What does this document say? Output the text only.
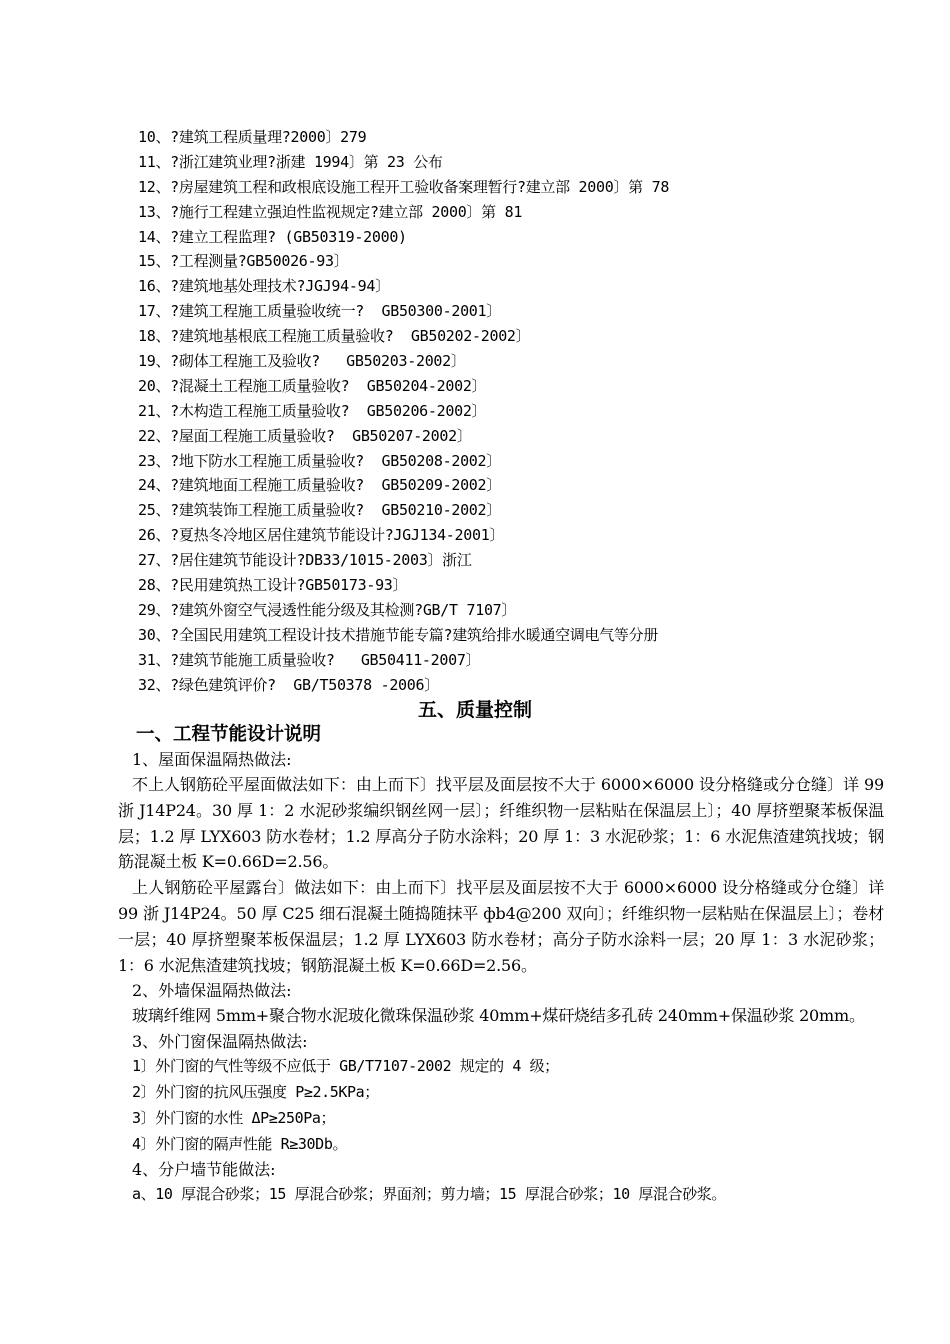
10、?建筑工程质量理?2000〕279
11、?浙江建筑业理?浙建 1994〕第 23 公布
12、?房屋建筑工程和政根底设施工程开工验收备案理暂行?建立部 2000〕第 78
13、?施行工程建立强迫性监视规定?建立部 2000〕第 81
14、?建立工程监理? (GB50319-2000)
15、?工程测量?GB50026-93〕
16、?建筑地基处理技术?JGJ94-94〕
17、?建筑工程施工质量验收统一?  GB50300-2001〕
18、?建筑地基根底工程施工质量验收?  GB50202-2002〕
19、?砌体工程施工及验收?   GB50203-2002〕
20、?混凝土工程施工质量验收?  GB50204-2002〕
21、?木构造工程施工质量验收?  GB50206-2002〕
22、?屋面工程施工质量验收?  GB50207-2002〕
23、?地下防水工程施工质量验收?  GB50208-2002〕
24、?建筑地面工程施工质量验收?  GB50209-2002〕
25、?建筑装饰工程施工质量验收?  GB50210-2002〕
26、?夏热冬冷地区居住建筑节能设计?JGJ134-2001〕
27、?居住建筑节能设计?DB33/1015-2003〕浙江
28、?民用建筑热工设计?GB50173-93〕
29、?建筑外窗空气浸透性能分级及其检测?GB/T 7107〕
30、?全国民用建筑工程设计技术措施节能专篇?建筑给排水暖通空调电气等分册
31、?建筑节能施工质量验收?   GB50411-2007〕
32、?绿色建筑评价?  GB/T50378 -2006〕
五、质量控制
一、工程节能设计说明
1、屋面保温隔热做法:
不上人钢筋砼平屋面做法如下：由上而下〕找平层及面层按不大于 6000×6000 设分格缝或分仓缝〕详 99 浙 J14P24。30 厚 1：2 水泥砂浆编织钢丝网一层〕；纤维织物一层粘贴在保温层上〕；40 厚挤塑聚苯板保温层；1.2 厚 LYX603 防水卷材；1.2 厚高分子防水涂料；20 厚 1：3 水泥砂浆；1：6 水泥焦渣建筑找坡；钢筋混凝土板 K=0.66D=2.56。
上人钢筋砼平屋露台〕做法如下：由上而下〕找平层及面层按不大于 6000×6000 设分格缝或分仓缝〕详 99 浙 J14P24。50 厚 C25 细石混凝土随捣随抹平 фb4@200 双向〕；纤维织物一层粘贴在保温层上〕；卷材一层；40 厚挤塑聚苯板保温层；1.2 厚 LYX603 防水卷材；高分子防水涂料一层；20 厚 1：3 水泥砂浆；1：6 水泥焦渣建筑找坡；钢筋混凝土板 K=0.66D=2.56。
2、外墙保温隔热做法:
玻璃纤维网 5mm+聚合物水泥玻化微珠保温砂浆 40mm+煤矸烧结多孔砖 240mm+保温砂浆 20mm。
3、外门窗保温隔热做法:
1〕外门窗的气性等级不应低于 GB/T7107-2002 规定的 4 级；
2〕外门窗的抗风压强度 P≥2.5KPa；
3〕外门窗的水性 ΔP≥250Pa；
4〕外门窗的隔声性能 R≥30Db。
4、分户墙节能做法:
a、10 厚混合砂浆；15 厚混合砂浆；界面剂；剪力墙；15 厚混合砂浆；10 厚混合砂浆。
